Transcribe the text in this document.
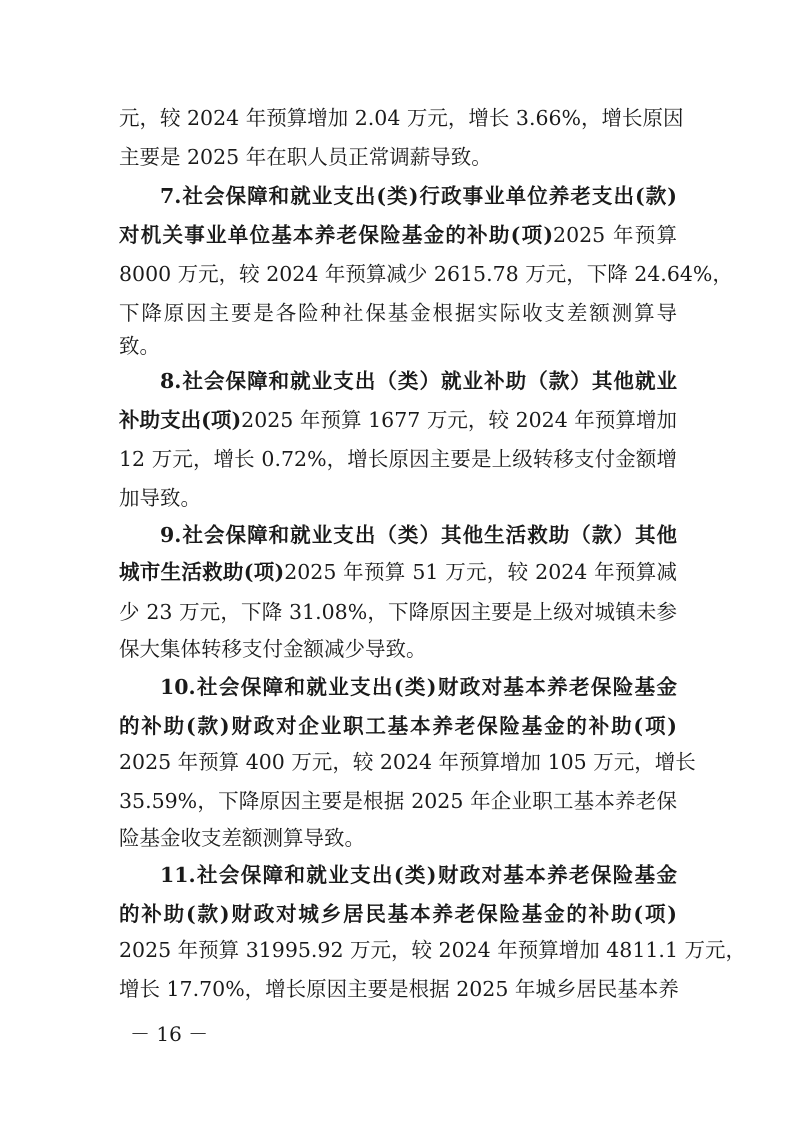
元，较 2024 年预算增加 2.04 万元，增长 3.66%，增长原因
主要是 2025 年在职人员正常调薪导致。
7.社会保障和就业支出(类)行政事业单位养老支出(款)
对机关事业单位基本养老保险基金的补助(项)2025 年预算
8000 万元，较 2024 年预算减少 2615.78 万元，下降 24.64%，
下降原因主要是各险种社保基金根据实际收支差额测算导
致。
8.社会保障和就业支出（类）就业补助（款）其他就业
补助支出(项)2025 年预算 1677 万元，较 2024 年预算增加
12 万元，增长 0.72%，增长原因主要是上级转移支付金额增
加导致。
9.社会保障和就业支出（类）其他生活救助（款）其他
城市生活救助(项)2025 年预算 51 万元，较 2024 年预算减
少 23 万元，下降 31.08%，下降原因主要是上级对城镇未参
保大集体转移支付金额减少导致。
10.社会保障和就业支出(类)财政对基本养老保险基金
的补助(款)财政对企业职工基本养老保险基金的补助(项)
2025 年预算 400 万元，较 2024 年预算增加 105 万元，增长
35.59%，下降原因主要是根据 2025 年企业职工基本养老保
险基金收支差额测算导致。
11.社会保障和就业支出(类)财政对基本养老保险基金
的补助(款)财政对城乡居民基本养老保险基金的补助(项)
2025 年预算 31995.92 万元，较 2024 年预算增加 4811.1 万元，
增长 17.70%，增长原因主要是根据 2025 年城乡居民基本养
－ 16 －
